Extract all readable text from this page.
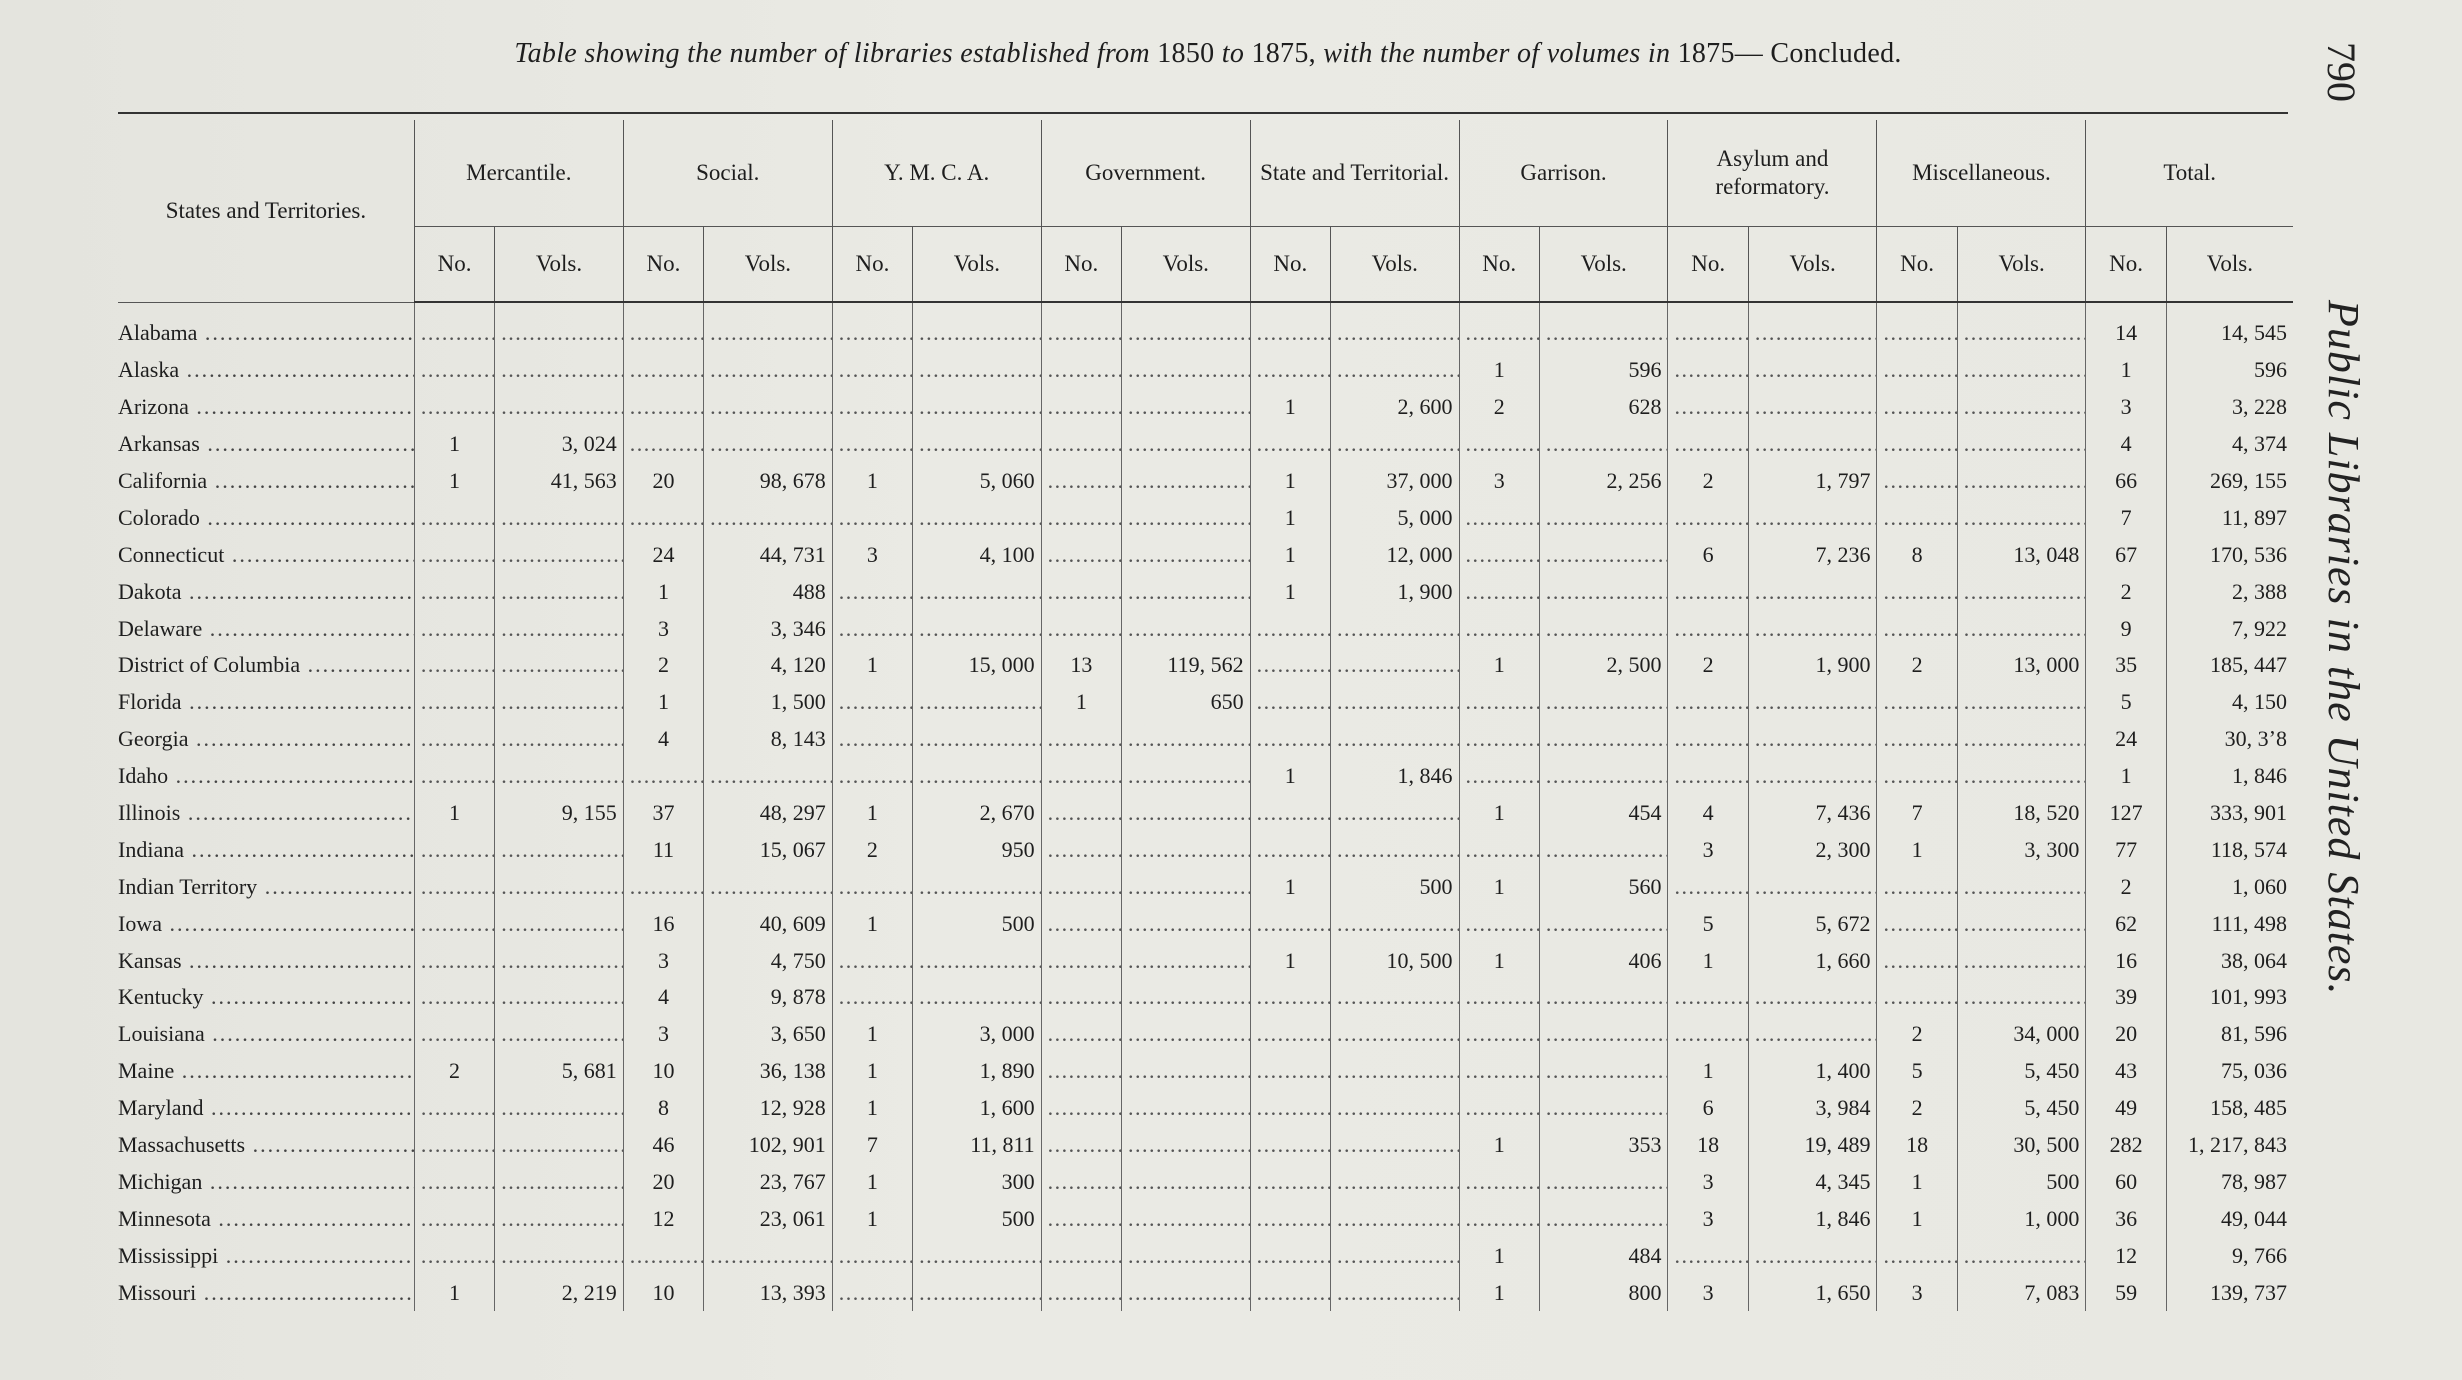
Table showing the number of libraries established from 1850 to 1875, with the number of volumes in 1875— Concluded.	790
Public Libraries in the United States.
States and Territories.	Mercantile.		Social.		Y. M. C. A.		Government.		State and Territorial.		Garrison.		Asylum and reformatory.		Miscellaneous.		Total.	
	No.	Vols.	No.	Vols.	No.	Vols.	No.	Vols.	No.	Vols.	No.	Vols.	No.	Vols.	No.	Vols.	No.	Vols.
Alabama .....	.....	.....	.....	.....	.....	.....	.....	.....	.....	.....	.....	.....	.....	.....	.....	.....	14	14, 545
Alaska .....	.....	.....	.....	.....	.....	.....	.....	.....	.....	.....	1	596	.....	.....	.....	.....	1	596
Arizona .....	.....	.....	.....	.....	.....	.....	.....	.....	1	2, 600	2	628	.....	.....	.....	.....	3	3, 228
Arkansas .....	1	3, 024	.....	.....	.....	.....	.....	.....	.....	.....	.....	.....	.....	.....	.....	.....	4	4, 374
California .....	1	41, 563	20	98, 678	1	5, 060	.....	.....	1	37, 000	3	2, 256	2	1, 797	.....	.....	66	269, 155
Colorado .....	.....	.....	.....	.....	.....	.....	.....	.....	1	5, 000	.....	.....	.....	.....	.....	.....	7	11, 897
Connecticut .....	.....	.....	24	44, 731	3	4, 100	.....	.....	1	12, 000	.....	.....	6	7, 236	8	13, 048	67	170, 536
Dakota .....	.....	.....	1	488	.....	.....	.....	.....	1	1, 900	.....	.....	.....	.....	.....	.....	2	2, 388
Delaware .....	.....	.....	3	3, 346	.....	.....	.....	.....	.....	.....	.....	.....	.....	.....	.....	.....	9	7, 922
District of Columbia .....	.....	.....	2	4, 120	1	15, 000	13	119, 562	.....	.....	1	2, 500	2	1, 900	2	13, 000	35	185, 447
Florida .....	.....	.....	1	1, 500	.....	.....	1	650	.....	.....	.....	.....	.....	.....	.....	.....	5	4, 150
Georgia .....	.....	.....	4	8, 143	.....	.....	.....	.....	.....	.....	.....	.....	.....	.....	.....	.....	24	30, 3ʼ8
Idaho .....	.....	.....	.....	.....	.....	.....	.....	.....	1	1, 846	.....	.....	.....	.....	.....	.....	1	1, 846
Illinois .....	1	9, 155	37	48, 297	1	2, 670	.....	.....	.....	.....	1	454	4	7, 436	7	18, 520	127	333, 901
Indiana .....	.....	.....	11	15, 067	2	950	.....	.....	.....	.....	.....	.....	3	2, 300	1	3, 300	77	118, 574
Indian Territory .....	.....	.....	.....	.....	.....	.....	.....	.....	1	500	1	560	.....	.....	.....	.....	2	1, 060
Iowa .....	.....	.....	16	40, 609	1	500	.....	.....	.....	.....	.....	.....	5	5, 672	.....	.....	62	111, 498
Kansas .....	.....	.....	3	4, 750	.....	.....	.....	.....	1	10, 500	1	406	1	1, 660	.....	.....	16	38, 064
Kentucky .....	.....	.....	4	9, 878	.....	.....	.....	.....	.....	.....	.....	.....	.....	.....	.....	.....	39	101, 993
Louisiana .....	.....	.....	3	3, 650	1	3, 000	.....	.....	.....	.....	.....	.....	.....	.....	2	34, 000	20	81, 596
Maine .....	2	5, 681	10	36, 138	1	1, 890	.....	.....	.....	.....	.....	.....	1	1, 400	5	5, 450	43	75, 036
Maryland .....	.....	.....	8	12, 928	1	1, 600	.....	.....	.....	.....	.....	.....	6	3, 984	2	5, 450	49	158, 485
Massachusetts .....	.....	.....	46	102, 901	7	11, 811	.....	.....	.....	.....	1	353	18	19, 489	18	30, 500	282	1, 217, 843
Michigan .....	.....	.....	20	23, 767	1	300	.....	.....	.....	.....	.....	.....	3	4, 345	1	500	60	78, 987
Minnesota .....	.....	.....	12	23, 061	1	500	.....	.....	.....	.....	.....	.....	3	1, 846	1	1, 000	36	49, 044
Mississippi .....	.....	.....	.....	.....	.....	.....	.....	.....	.....	.....	1	484	.....	.....	.....	.....	12	9, 766
Missouri .....	1	2, 219	10	13, 393	.....	.....	.....	.....	.....	.....	1	800	3	1, 650	3	7, 083	59	139, 737
